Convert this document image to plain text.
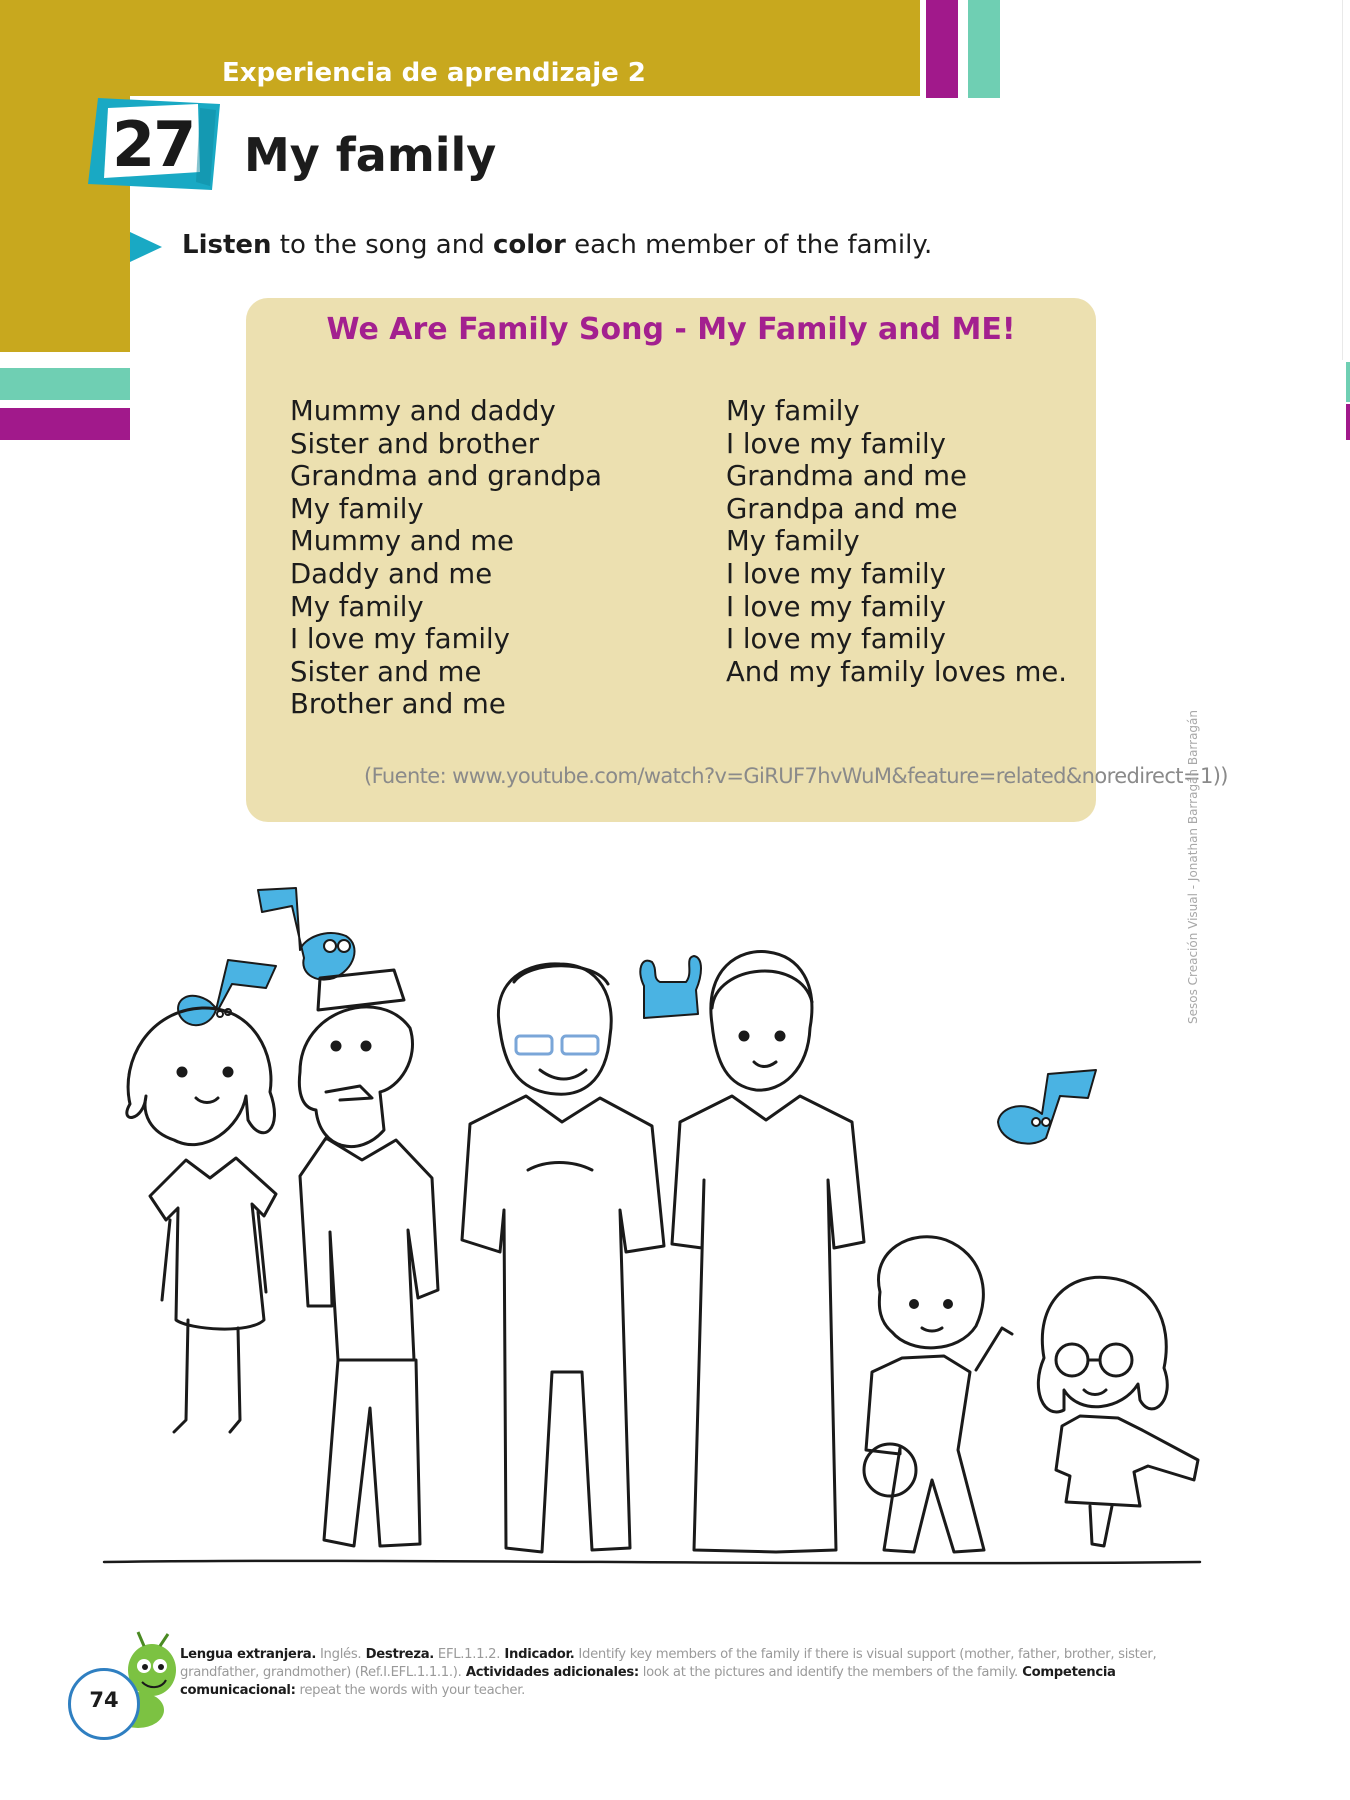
Experiencia de aprendizaje 2
27 My family
Listen to the song and color each member of the family.
We Are Family Song - My Family and ME!
Mummy and daddy
Sister and brother
Grandma and grandpa
My family
Mummy and me
Daddy and me
My family
I love my family
Sister and me
Brother and me
My family
I love my family
Grandma and me
Grandpa and me
My family
I love my family
I love my family
I love my family
And my family loves me.
(Fuente: www.youtube.com/watch?v=GiRUF7hvWuM&feature=related&noredirect=1))
Sesos Creación Visual - Jonathan Barragán Barragán
74
Lengua extranjera. Inglés. Destreza. EFL.1.1.2. Indicador. Identify key members of the family if there is visual support (mother, father, brother, sister, grandfather, grandmother) (Ref.I.EFL.1.1.1.). Actividades adicionales: look at the pictures and identify the members of the family. Competencia comunicacional: repeat the words with your teacher.
